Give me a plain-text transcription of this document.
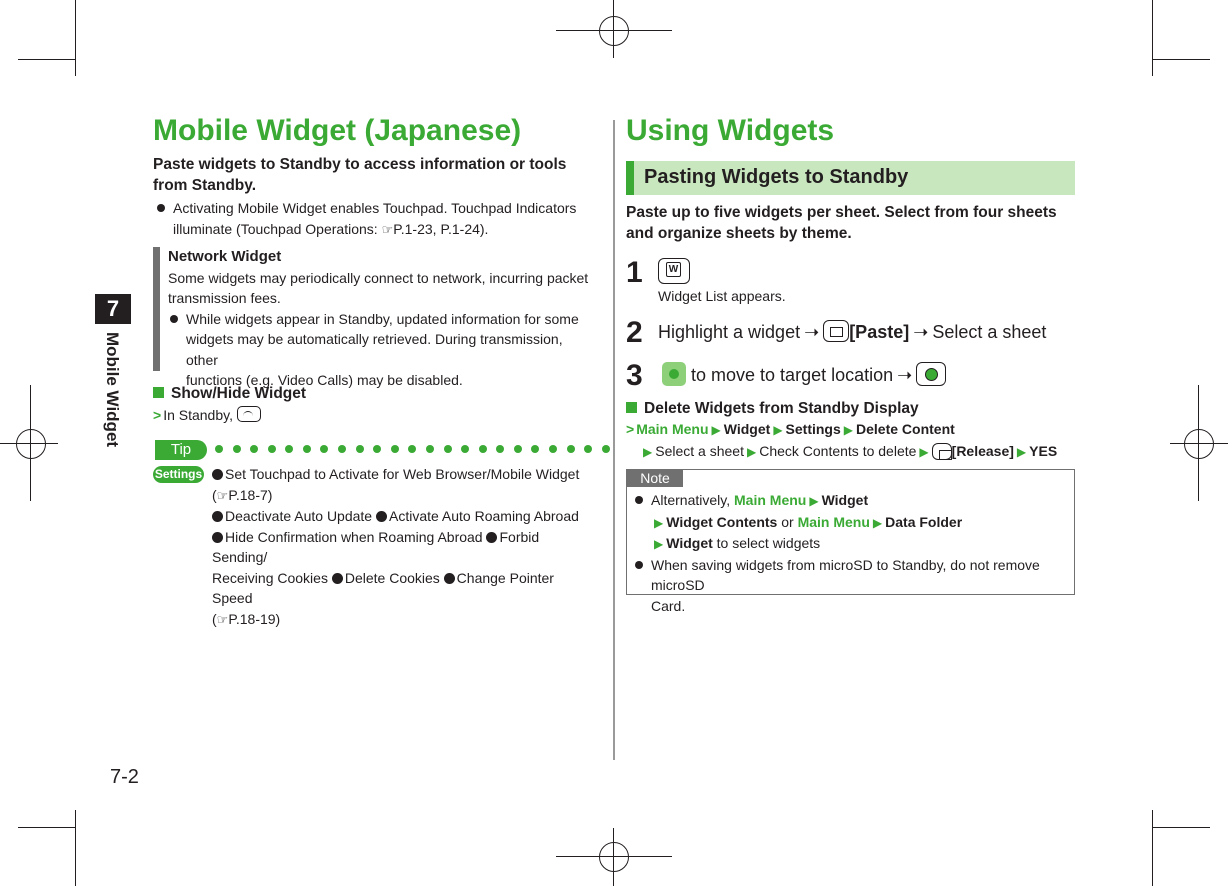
7
Mobile Widget
7-2
Mobile Widget (Japanese)
Paste widgets to Standby to access information or tools
from Standby.
Activating Mobile Widget enables Touchpad. Touchpad Indicators
illuminate (Touchpad Operations: ☞P.1-23, P.1-24).
Network Widget
Some widgets may periodically connect to network, incurring packet
transmission fees.
While widgets appear in Standby, updated information for some
widgets may be automatically retrieved. During transmission, other
functions (e.g. Video Calls) may be disabled.
Show/Hide Widget
> In Standby,
Tip
Settings	Set Touchpad to Activate for Web Browser/Mobile Widget
(☞P.18-7)
Deactivate Auto Update Activate Auto Roaming Abroad
Hide Confirmation when Roaming Abroad Forbid Sending/
Receiving Cookies Delete Cookies Change Pointer Speed
(☞P.18-19)
Using Widgets
Pasting Widgets to Standby
Paste up to five widgets per sheet. Select from four sheets
and organize sheets by theme.
1	W
Widget List appears.
2 Highlight a widget ➝ [Paste] ➝ Select a sheet
3	to move to target location ➝
Delete Widgets from Standby Display
> Main Menu ▶ Widget ▶ Settings ▶ Delete Content
▶ Select a sheet ▶ Check Contents to delete ▶ [Release] ▶ YES
Note
Alternatively, Main Menu ▶ Widget
▶ Widget Contents or Main Menu ▶ Data Folder
▶ Widget to select widgets
When saving widgets from microSD to Standby, do not remove microSD
Card.
